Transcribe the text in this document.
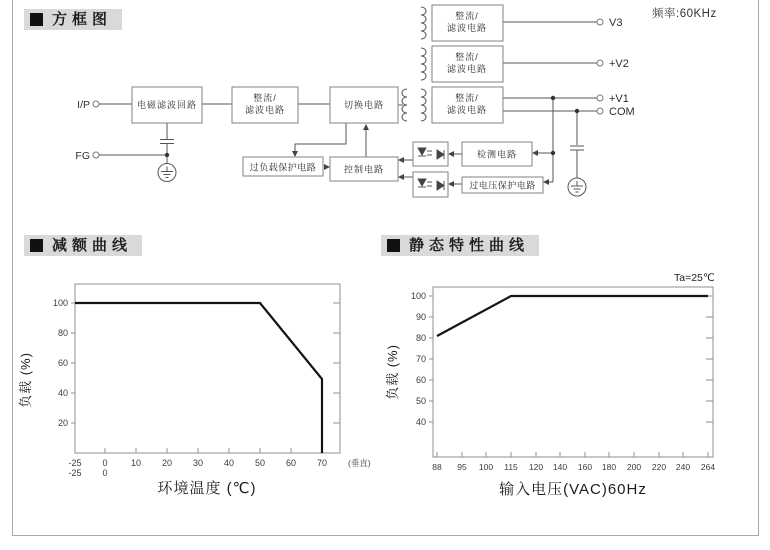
方框图	频率:60KHz
电磁滤波回路
整流/
滤波电路	切换电路
整流/
滤波电路
整流/
滤波电路
整流/
滤波电路
过负载保护电路	控制电路
检测电路
过电压保护电路
I/P
FG
V3
+V2
+V1
COM
减额曲线	静态特性曲线
100
80
60
40
20
-25 0	10 20 30 40 50 60 70
-25 0
(垂直)
环境温度 (℃)
负载 (%)
Ta=25℃
100
90
80
70
60
50
40
88 95 100 115 120 140 160 180 200 220 240 264
输入电压(VAC)60Hz
负载 (%)
